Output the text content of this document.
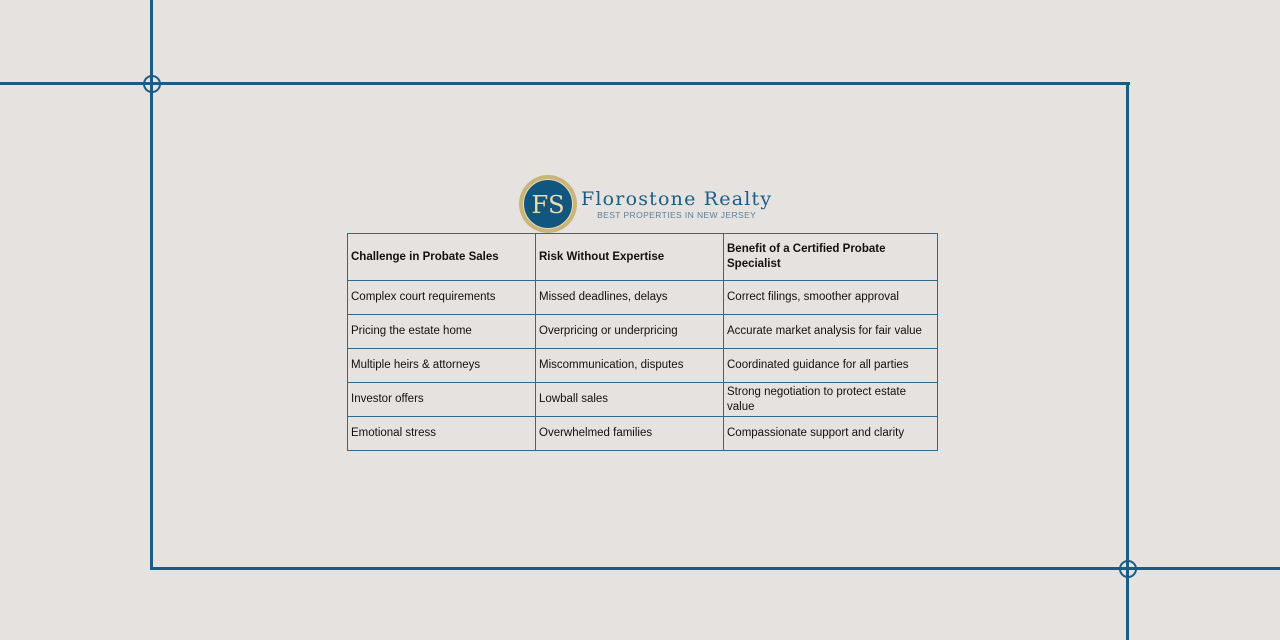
FS Florostone Realty
BEST PROPERTIES IN NEW JERSEY
Challenge in Probate Sales	Risk Without Expertise	Benefit of a Certified Probate Specialist
Complex court requirements	Missed deadlines, delays	Correct filings, smoother approval
Pricing the estate home	Overpricing or underpricing	Accurate market analysis for fair value
Multiple heirs & attorneys	Miscommunication, disputes	Coordinated guidance for all parties
Investor offers	Lowball sales	Strong negotiation to protect estate value
Emotional stress	Overwhelmed families	Compassionate support and clarity
